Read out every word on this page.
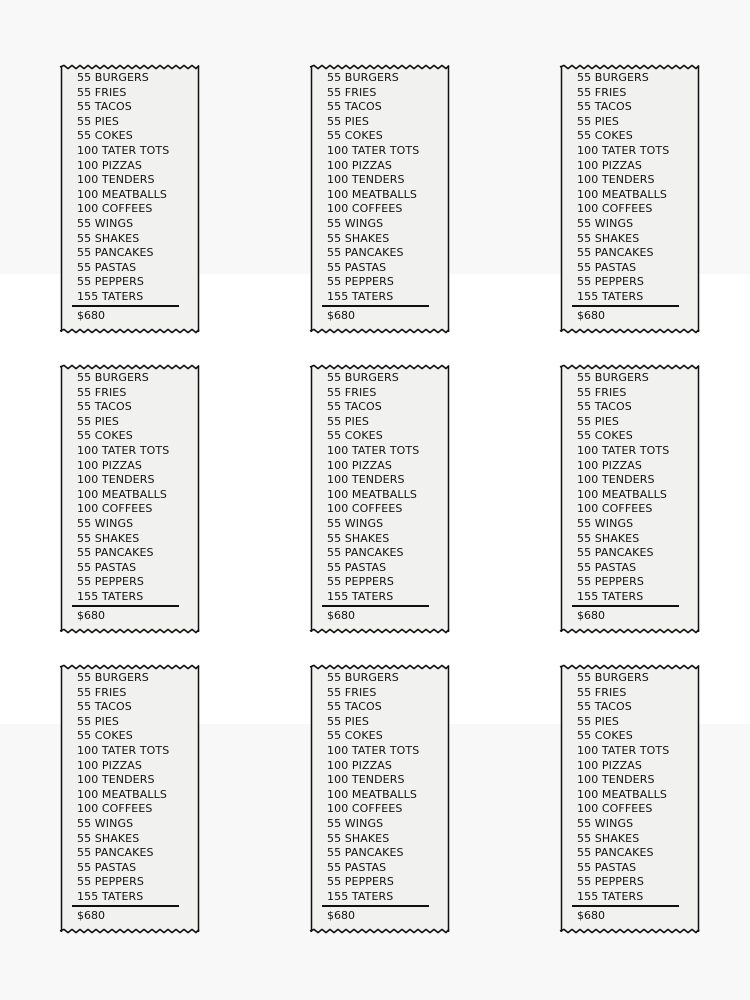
55 BURGERS
55 FRIES
55 TACOS
55 PIES
55 COKES
100 TATER TOTS
100 PIZZAS
100 TENDERS
100 MEATBALLS
100 COFFEES
55 WINGS
55 SHAKES
55 PANCAKES
55 PASTAS
55 PEPPERS
155 TATERS
$680
55 BURGERS
55 FRIES
55 TACOS
55 PIES
55 COKES
100 TATER TOTS
100 PIZZAS
100 TENDERS
100 MEATBALLS
100 COFFEES
55 WINGS
55 SHAKES
55 PANCAKES
55 PASTAS
55 PEPPERS
155 TATERS
$680
55 BURGERS
55 FRIES
55 TACOS
55 PIES
55 COKES
100 TATER TOTS
100 PIZZAS
100 TENDERS
100 MEATBALLS
100 COFFEES
55 WINGS
55 SHAKES
55 PANCAKES
55 PASTAS
55 PEPPERS
155 TATERS
$680
55 BURGERS
55 FRIES
55 TACOS
55 PIES
55 COKES
100 TATER TOTS
100 PIZZAS
100 TENDERS
100 MEATBALLS
100 COFFEES
55 WINGS
55 SHAKES
55 PANCAKES
55 PASTAS
55 PEPPERS
155 TATERS
$680
55 BURGERS
55 FRIES
55 TACOS
55 PIES
55 COKES
100 TATER TOTS
100 PIZZAS
100 TENDERS
100 MEATBALLS
100 COFFEES
55 WINGS
55 SHAKES
55 PANCAKES
55 PASTAS
55 PEPPERS
155 TATERS
$680
55 BURGERS
55 FRIES
55 TACOS
55 PIES
55 COKES
100 TATER TOTS
100 PIZZAS
100 TENDERS
100 MEATBALLS
100 COFFEES
55 WINGS
55 SHAKES
55 PANCAKES
55 PASTAS
55 PEPPERS
155 TATERS
$680
55 BURGERS
55 FRIES
55 TACOS
55 PIES
55 COKES
100 TATER TOTS
100 PIZZAS
100 TENDERS
100 MEATBALLS
100 COFFEES
55 WINGS
55 SHAKES
55 PANCAKES
55 PASTAS
55 PEPPERS
155 TATERS
$680
55 BURGERS
55 FRIES
55 TACOS
55 PIES
55 COKES
100 TATER TOTS
100 PIZZAS
100 TENDERS
100 MEATBALLS
100 COFFEES
55 WINGS
55 SHAKES
55 PANCAKES
55 PASTAS
55 PEPPERS
155 TATERS
$680
55 BURGERS
55 FRIES
55 TACOS
55 PIES
55 COKES
100 TATER TOTS
100 PIZZAS
100 TENDERS
100 MEATBALLS
100 COFFEES
55 WINGS
55 SHAKES
55 PANCAKES
55 PASTAS
55 PEPPERS
155 TATERS
$680
